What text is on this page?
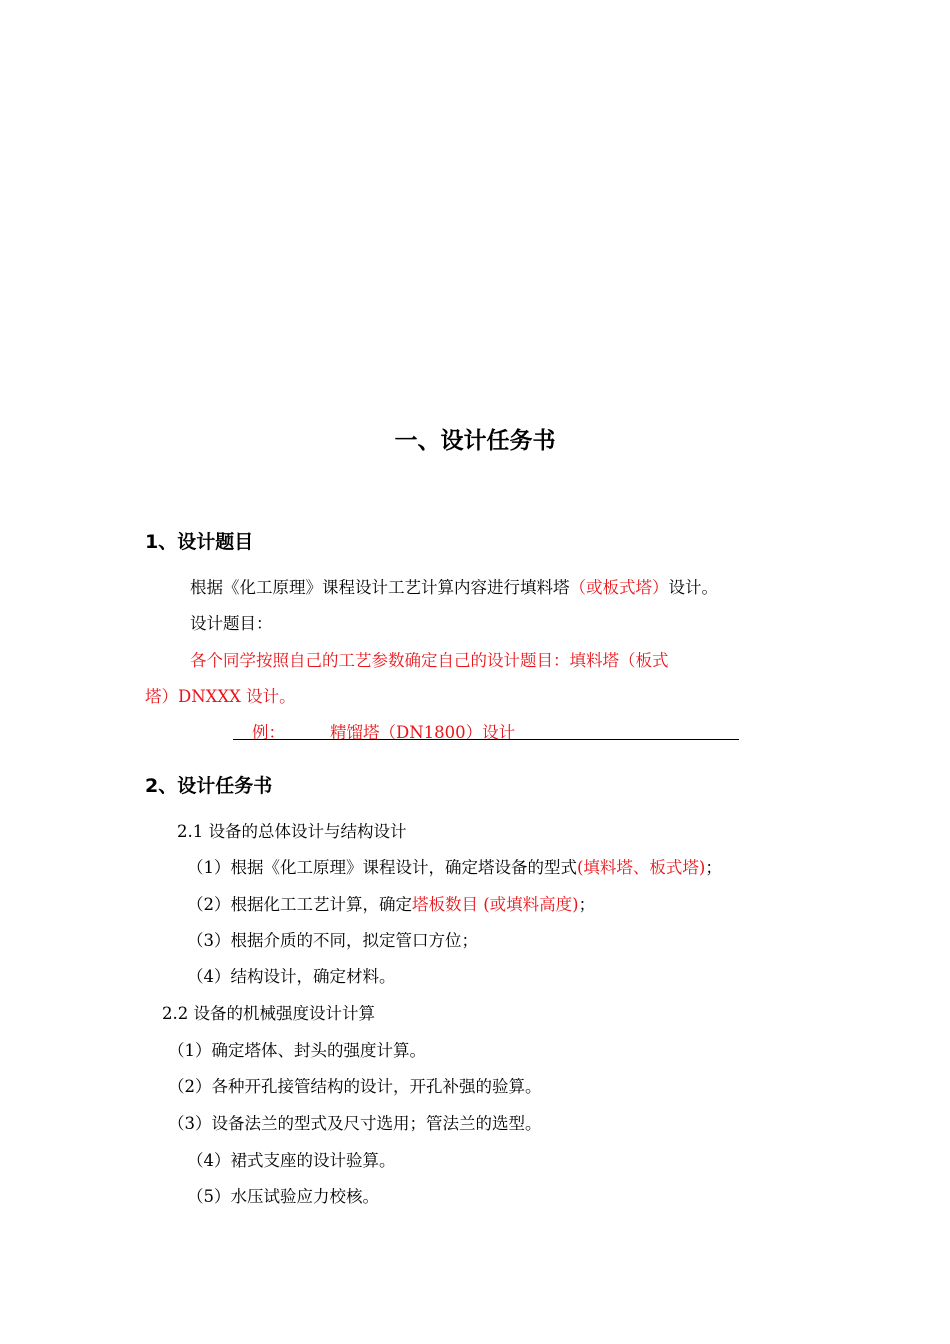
一、设计任务书
1、设计题目
根据《化工原理》课程设计工艺计算内容进行填料塔（或板式塔）设计。
设计题目：
各个同学按照自己的工艺参数确定自己的设计题目：填料塔（板式
塔）DNXXX 设计。
例：	精馏塔（DN1800）设计
2、设计任务书
2.1 设备的总体设计与结构设计
（1）根据《化工原理》课程设计，确定塔设备的型式(填料塔、板式塔)；
（2）根据化工工艺计算，确定塔板数目 (或填料高度)；
（3）根据介质的不同，拟定管口方位；
（4）结构设计，确定材料。
2.2 设备的机械强度设计计算
（1）确定塔体、封头的强度计算。
（2）各种开孔接管结构的设计，开孔补强的验算。
（3）设备法兰的型式及尺寸选用；管法兰的选型。
（4）裙式支座的设计验算。
（5）水压试验应力校核。
